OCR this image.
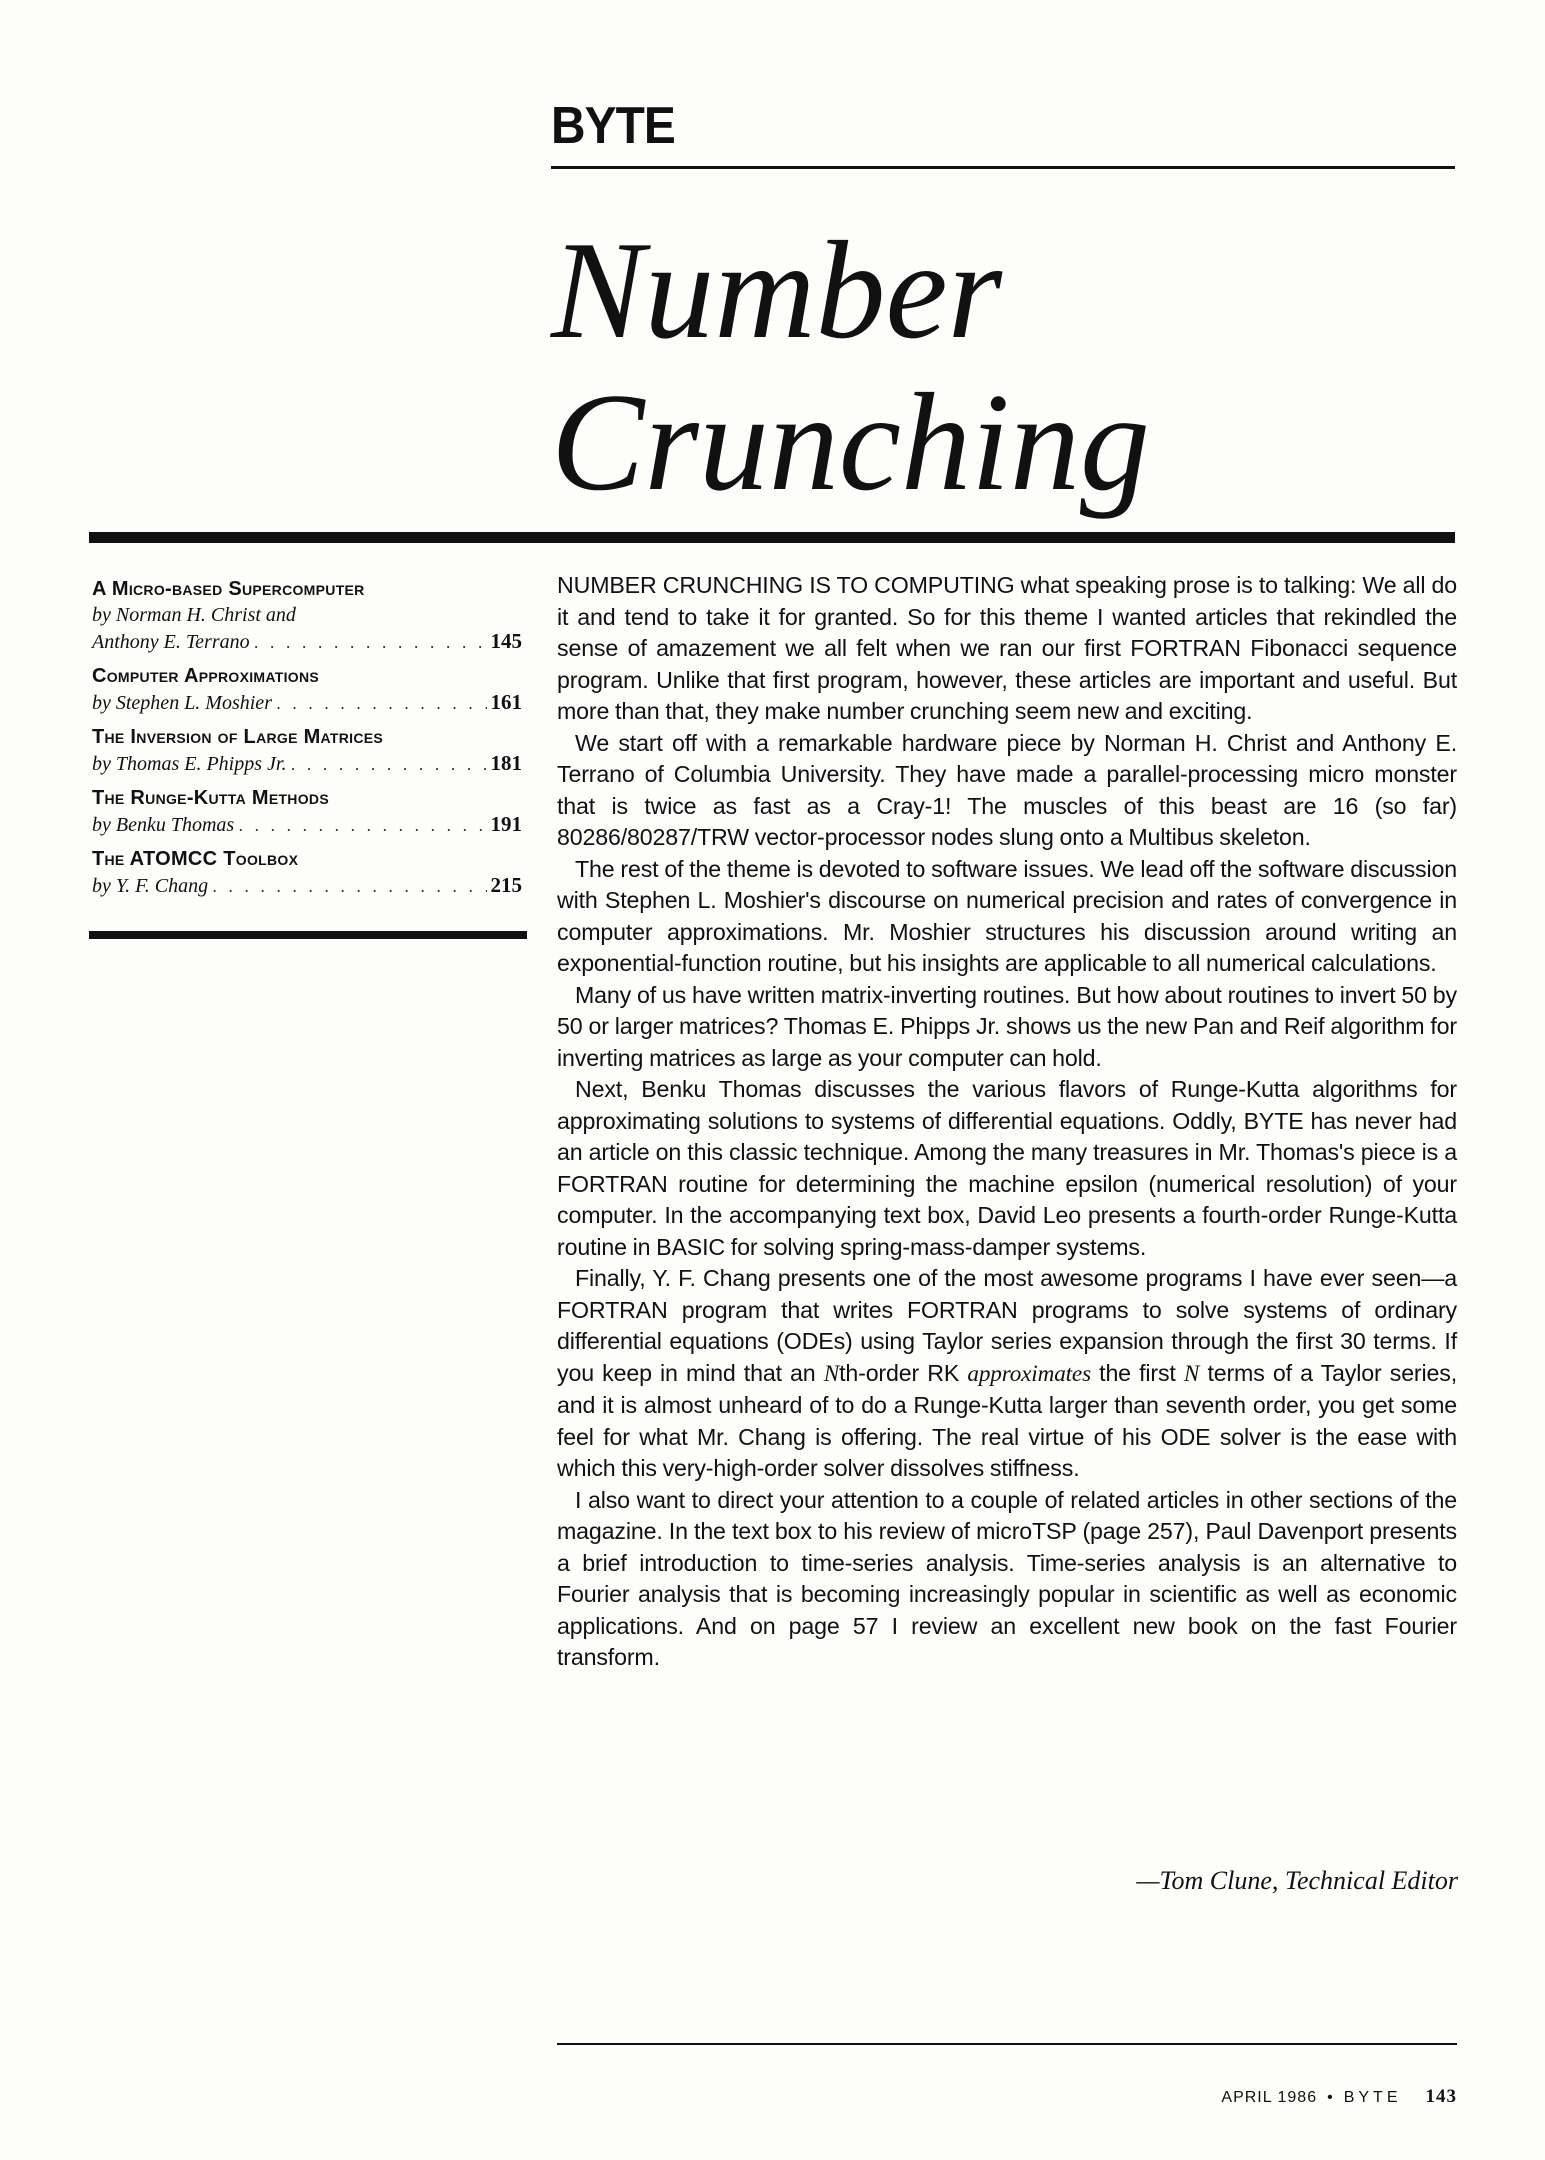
BYTE
Number
Crunching
A Micro-based Supercomputer
by Norman H. Christ and
Anthony E. Terrano . . .	145
Computer Approximations
by Stephen L. Moshier . . .	161
The Inversion of Large Matrices
by Thomas E. Phipps Jr. . . .	181
The Runge-Kutta Methods
by Benku Thomas . . .	191
The ATOMCC Toolbox
by Y. F. Chang . . .	215

NUMBER CRUNCHING IS TO COMPUTING what speaking prose is to talking: We all do it and tend to take it for granted. So for this theme I wanted articles that rekindled the sense of amazement we all felt when we ran our first FORTRAN Fibonacci sequence program. Unlike that first program, however, these articles are important and useful. But more than that, they make number crunching seem new and exciting.

We start off with a remarkable hardware piece by Norman H. Christ and Anthony E. Terrano of Columbia University. They have made a parallel-processing micro monster that is twice as fast as a Cray-1! The muscles of this beast are 16 (so far) 80286/80287/TRW vector-processor nodes slung onto a Multibus skeleton.

The rest of the theme is devoted to software issues. We lead off the software discussion with Stephen L. Moshier's discourse on numerical precision and rates of convergence in computer approximations. Mr. Moshier structures his discussion around writing an exponential-function routine, but his insights are applicable to all numerical calculations.

Many of us have written matrix-inverting routines. But how about routines to invert 50 by 50 or larger matrices? Thomas E. Phipps Jr. shows us the new Pan and Reif algorithm for inverting matrices as large as your computer can hold.

Next, Benku Thomas discusses the various flavors of Runge-Kutta algorithms for approximating solutions to systems of differential equations. Oddly, BYTE has never had an article on this classic technique. Among the many treasures in Mr. Thomas's piece is a FORTRAN routine for determining the machine epsilon (numerical resolution) of your computer. In the accompanying text box, David Leo presents a fourth-order Runge-Kutta routine in BASIC for solving spring-mass-damper systems.

Finally, Y. F. Chang presents one of the most awesome programs I have ever seen—a FORTRAN program that writes FORTRAN programs to solve systems of ordinary differential equations (ODEs) using Taylor series expansion through the first 30 terms. If you keep in mind that an Nth-order RK approximates the first N terms of a Taylor series, and it is almost unheard of to do a Runge-Kutta larger than seventh order, you get some feel for what Mr. Chang is offering. The real virtue of his ODE solver is the ease with which this very-high-order solver dissolves stiffness.

I also want to direct your attention to a couple of related articles in other sections of the magazine. In the text box to his review of microTSP (page 257), Paul Davenport presents a brief introduction to time-series analysis. Time-series analysis is an alternative to Fourier analysis that is becoming increasingly popular in scientific as well as economic applications. And on page 57 I review an excellent new book on the fast Fourier transform.

—Tom Clune, Technical Editor
APRIL 1986 • BYTE 143
